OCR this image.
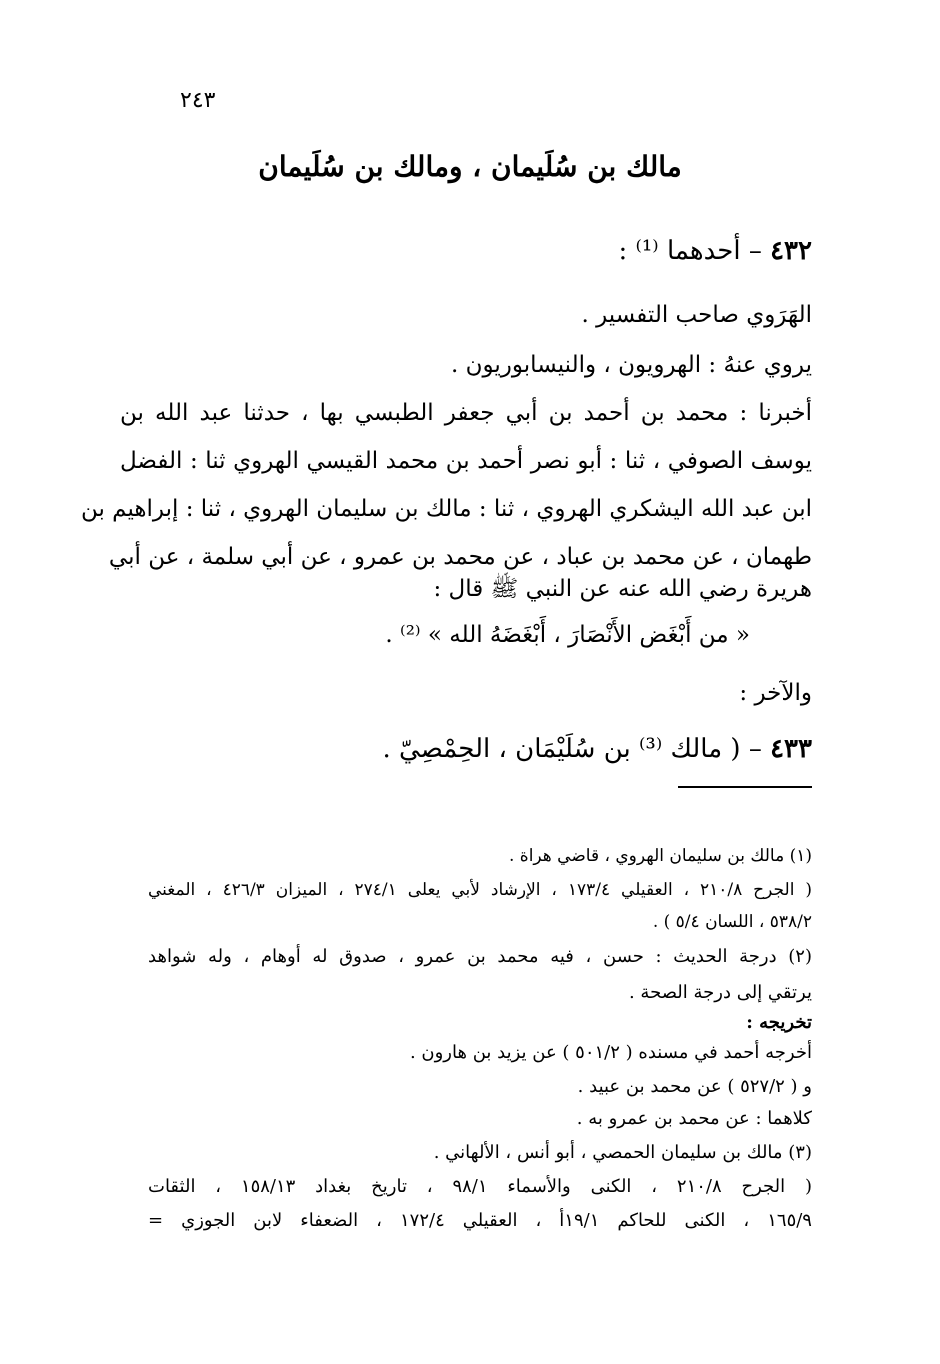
٢٤٣
مالك بن سُلَيمان ، ومالك بن سُلَيمان
٤٣٢ – أحدهما ⁽¹⁾ :
الهَرَوي صاحب التفسير .
يروي عنهُ : الهرويون ، والنيسابوريون .
أخبرنا : محمد بن أحمد بن أبي جعفر الطبسي بها ، حدثنا عبد الله بن
يوسف الصوفي ، ثنا : أبو نصر أحمد بن محمد القيسي الهروي ثنا : الفضل
ابن عبد الله اليشكري الهروي ، ثنا : مالك بن سليمان الهروي ، ثنا : إبراهيم بن
طهمان ، عن محمد بن عباد ، عن محمد بن عمرو ، عن أبي سلمة ، عن أبي
هريرة رضي الله عنه عن النبي ﷺ قال :
« من أَبْغَض الأَنْصَارَ ، أَبْغَضَهُ الله » ⁽²⁾ .
والآخر :
٤٣٣ – ( مالك ⁽³⁾ بن سُلَيْمَان ، الحِمْصِيّ .
(١) مالك بن سليمان الهروي ، قاضي هراة .
( الجرح ٢١٠/٨ ، العقيلي ١٧٣/٤ ، الإرشاد لأبي يعلى ٢٧٤/١ ، الميزان ٤٢٦/٣ ، المغني
٥٣٨/٢ ، اللسان ٥/٤ ) .
(٢) درجة الحديث : حسن ، فيه محمد بن عمرو ، صدوق له أوهام ، وله شواهد
يرتقي إلى درجة الصحة .
تخريجه :
أخرجه أحمد في مسنده ( ٥٠١/٢ ) عن يزيد بن هارون .
و ( ٥٢٧/٢ ) عن محمد بن عبيد .
كلاهما : عن محمد بن عمرو به .
(٣) مالك بن سليمان الحمصي ، أبو أنس ، الألهاني .
( الجرح ٢١٠/٨ ، الكنى والأسماء ٩٨/١ ، تاريخ بغداد ١٥٨/١٣ ، الثقات
١٦٥/٩ ، الكنى للحاكم ١٩/١أ ، العقيلي ١٧٢/٤ ، الضعفاء لابن الجوزي =
